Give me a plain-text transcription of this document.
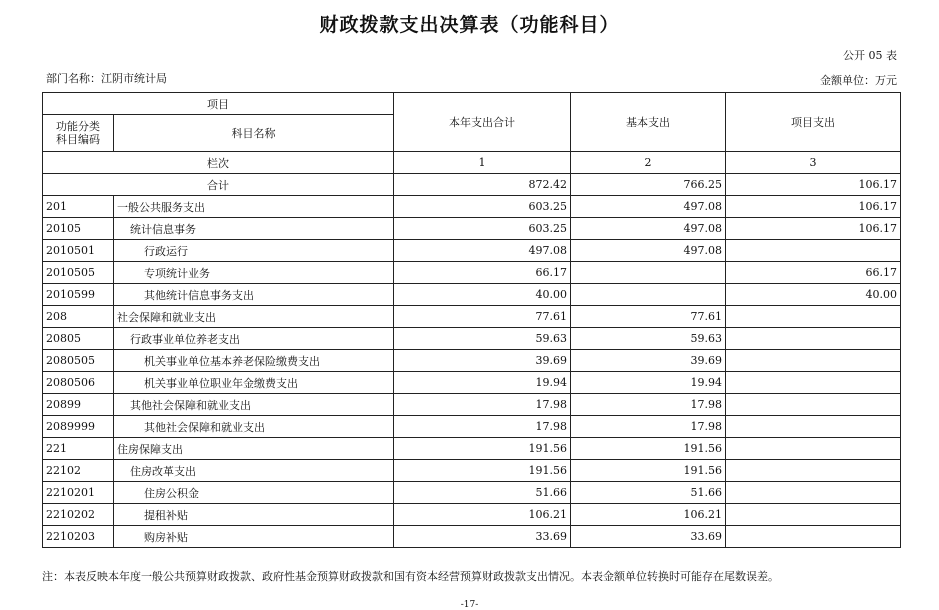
财政拨款支出决算表（功能科目）
公开 05 表
部门名称：江阴市统计局	金额单位：万元
项目		本年支出合计	基本支出	项目支出

功能分类
科目编码	科目名称			
栏次		1	2	3
合计		872.42	766.25	106.17
201	一般公共服务支出	603.25	497.08	106.17
20105	统计信息事务	603.25	497.08	106.17
2010501	行政运行	497.08	497.08	
2010505	专项统计业务	66.17		66.17
2010599	其他统计信息事务支出	40.00		40.00
208	社会保障和就业支出	77.61	77.61	
20805	行政事业单位养老支出	59.63	59.63	
2080505	机关事业单位基本养老保险缴费支出	39.69	39.69	
2080506	机关事业单位职业年金缴费支出	19.94	19.94	
20899	其他社会保障和就业支出	17.98	17.98	
2089999	其他社会保障和就业支出	17.98	17.98	
221	住房保障支出	191.56	191.56	
22102	住房改革支出	191.56	191.56	
2210201	住房公积金	51.66	51.66	
2210202	提租补贴	106.21	106.21	
2210203	购房补贴	33.69	33.69	
注：本表反映本年度一般公共预算财政拨款、政府性基金预算财政拨款和国有资本经营预算财政拨款支出情况。本表金额单位转换时可能存在尾数误差。
-17-
